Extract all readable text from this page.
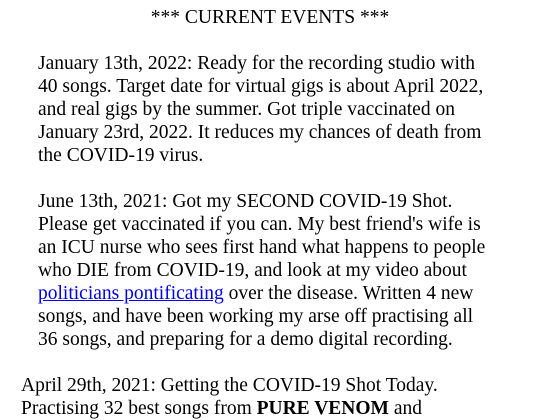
*** CURRENT EVENTS ***

January 13th, 2022: Ready for the recording studio with
40 songs. Target date for virtual gigs is about April 2022,
and real gigs by the summer. Got triple vaccinated on
January 23rd, 2022. It reduces my chances of death from
the COVID-19 virus.

June 13th, 2021: Got my SECOND COVID-19 Shot.
Please get vaccinated if you can. My best friend's wife is
an ICU nurse who sees first hand what happens to people
who DIE from COVID-19, and look at my video about
politicians pontificating over the disease. Written 4 new
songs, and have been working my arse off practising all
36 songs, and preparing for a demo digital recording.

April 29th, 2021: Getting the COVID-19 Shot Today.
Practising 32 best songs from PURE VENOM and
